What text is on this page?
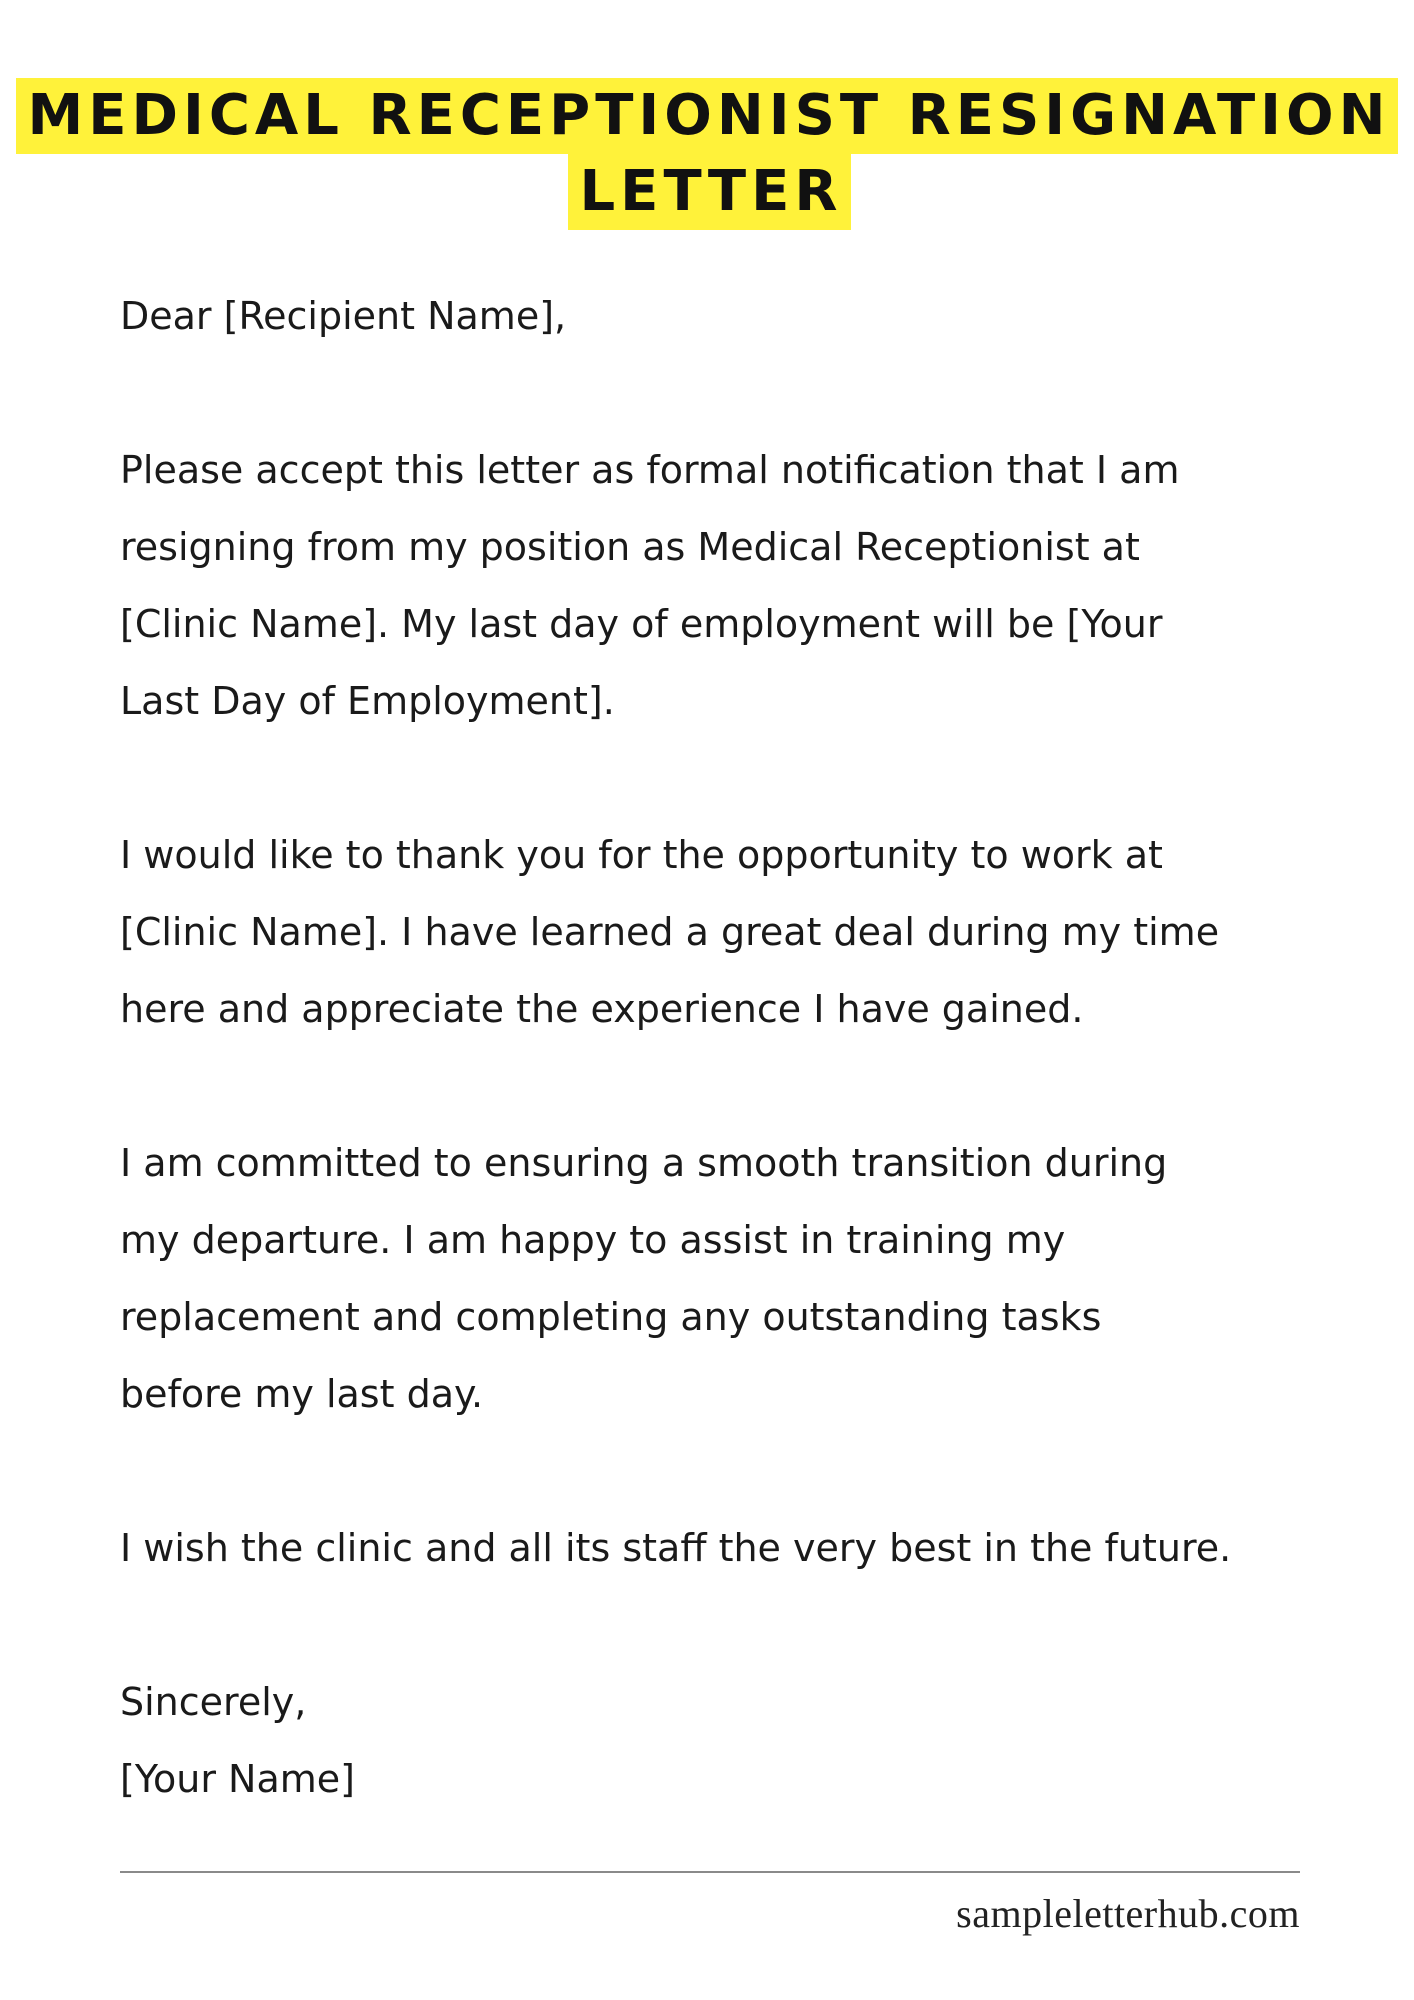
MEDICAL RECEPTIONIST RESIGNATION
LETTER
Dear [Recipient Name],
Please accept this letter as formal notification that I am
resigning from my position as Medical Receptionist at
[Clinic Name]. My last day of employment will be [Your
Last Day of Employment].
I would like to thank you for the opportunity to work at
[Clinic Name]. I have learned a great deal during my time
here and appreciate the experience I have gained.
I am committed to ensuring a smooth transition during
my departure. I am happy to assist in training my
replacement and completing any outstanding tasks
before my last day.
I wish the clinic and all its staff the very best in the future.
Sincerely,
[Your Name]
sampleletterhub.com
